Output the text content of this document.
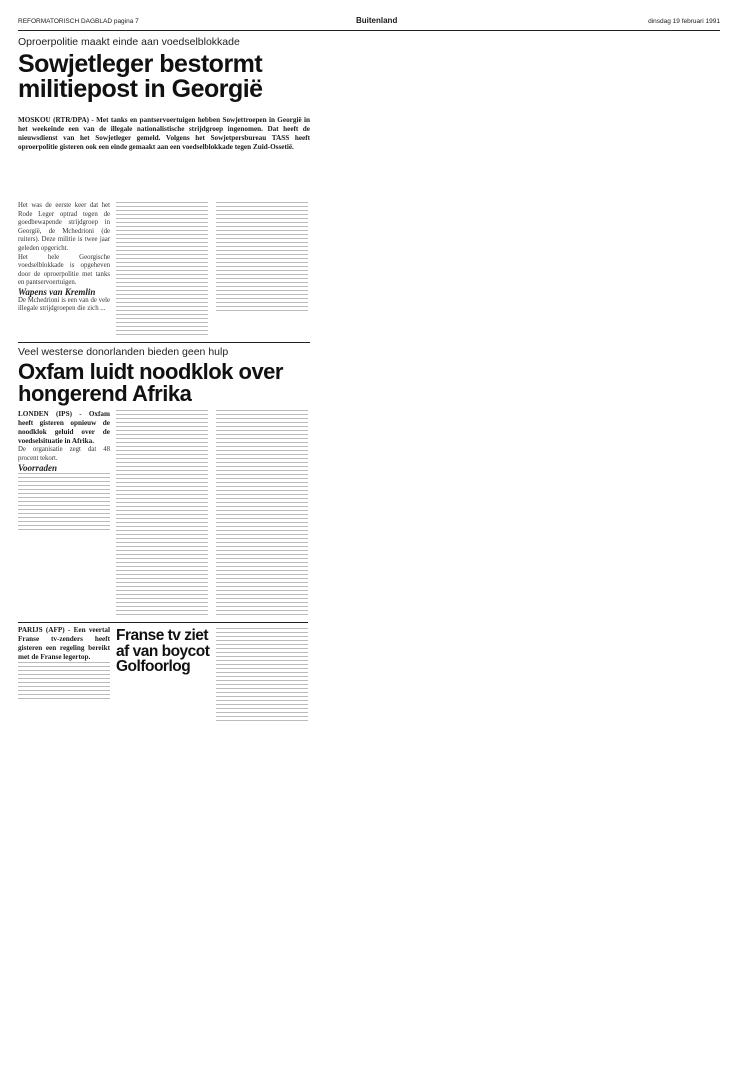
REFORMATORISCH DAGBLAD pagina 7	Buitenland	dinsdag 19 februari 1991
Oproerpolitie maakt einde aan voedselblokkade
Sowjetleger bestormt militiepost in Georgië
MOSKOU (RTR/DPA) - Met tanks en pantservoertuigen hebben Sowjettroepen in Georgië in het weekeinde een van de illegale nationalistische strijdgroep ingenomen. Dat heeft de nieuwsdienst van het Sowjetleger gemeld. Volgens het Sowjetpersbureau TASS heeft oproerpolitie gisteren ook een einde gemaakt aan een voedselblokkade tegen Zuid-Ossetië.
Het was de eerste keer dat het Rode Leger optrad tegen de goedbewapende strijdgroep in Georgië, de Mchedrioni (de ruiters). Deze militie is twee jaar geleden opgericht.
Het hele Georgische voedselblokkade is opgeheven door de oproerpolitie met tanks en pantservoertuigen.
Wapens van Kremlin
De Mchedrioni is een van de vele illegale strijdgroepen die zich ...
Veel westerse donorlanden bieden geen hulp
Oxfam luidt noodklok over hongerend Afrika
LONDEN (IPS) - Oxfam heeft gisteren opnieuw de noodklok geluid over de voedselsituatie in Afrika.
De organisatie zegt dat 48 procent tekort.
Voorraden
PARIJS (AFP) - Een veertal Franse tv-zenders heeft gisteren een regeling bereikt met de Franse legertop.
Franse tv ziet af van boycot Golfoorlog
